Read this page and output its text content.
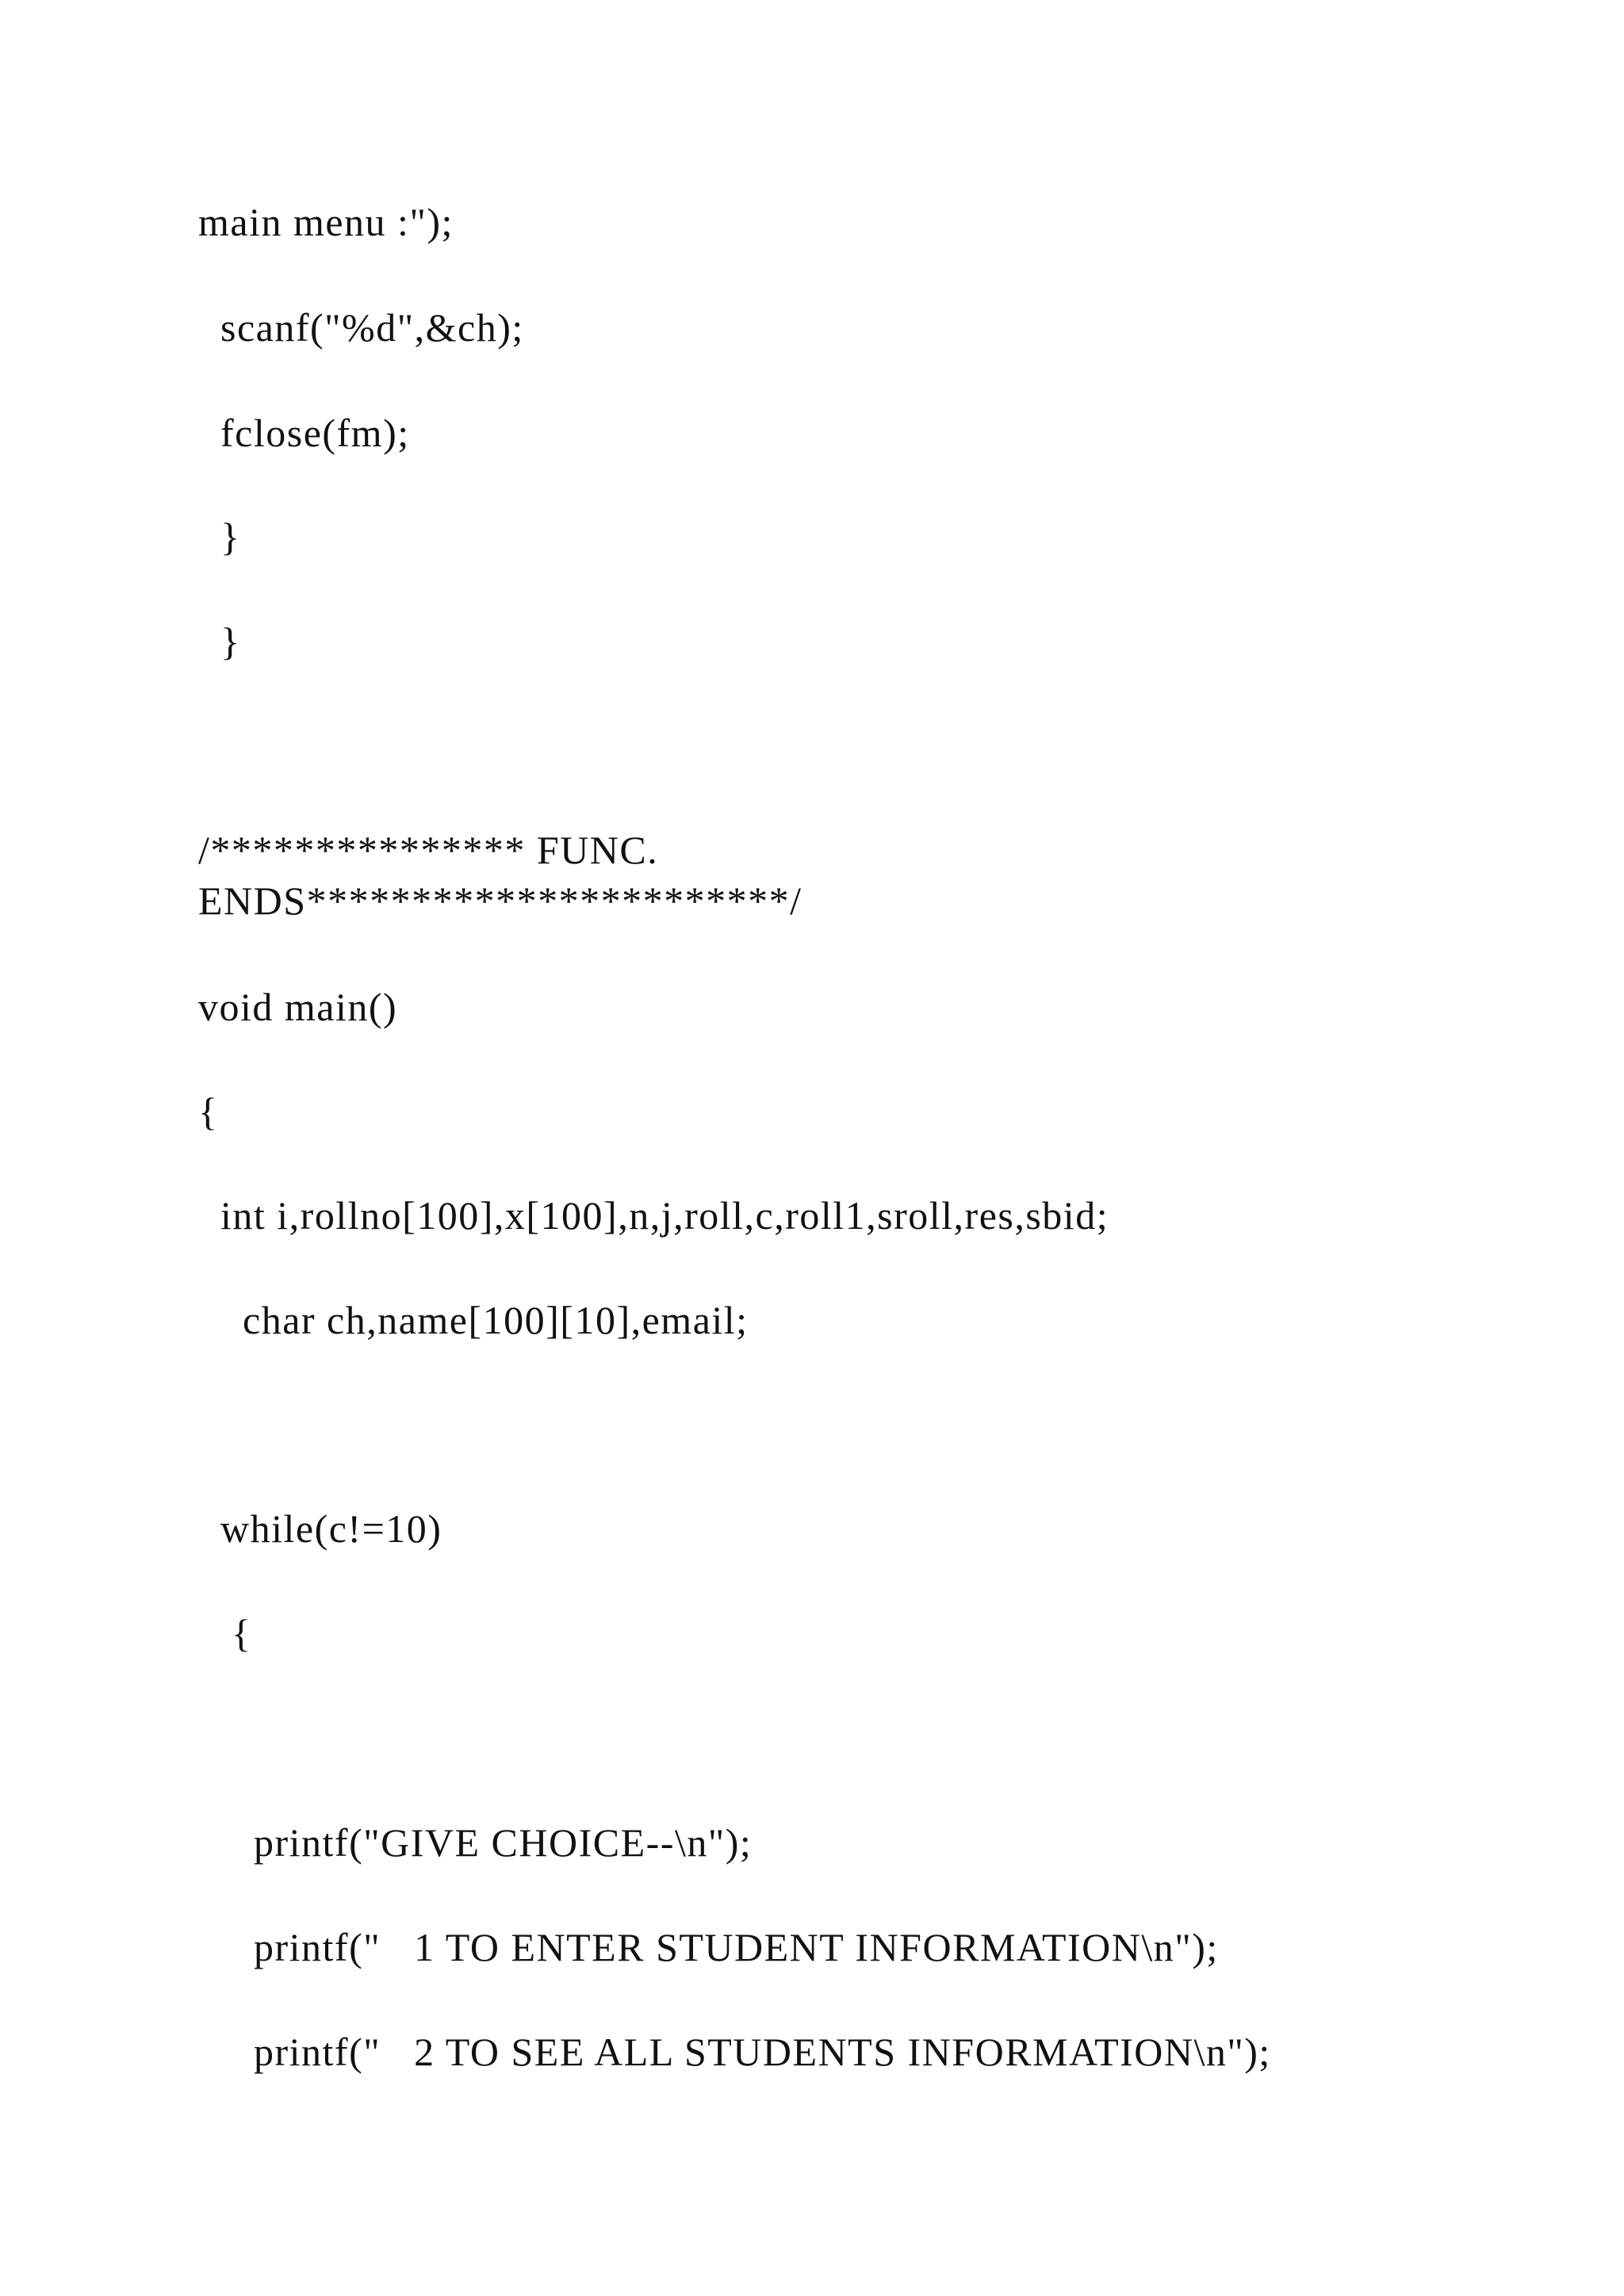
main menu :");
scanf("%d",&ch);
fclose(fm);
}
}
/*************** FUNC.
ENDS***********************/
void main()
{
int i,rollno[100],x[100],n,j,roll,c,roll1,sroll,res,sbid;
char ch,name[100][10],email;
while(c!=10)
{
printf("GIVE CHOICE--\n");
printf("   1 TO ENTER STUDENT INFORMATION\n");
printf("   2 TO SEE ALL STUDENTS INFORMATION\n");
